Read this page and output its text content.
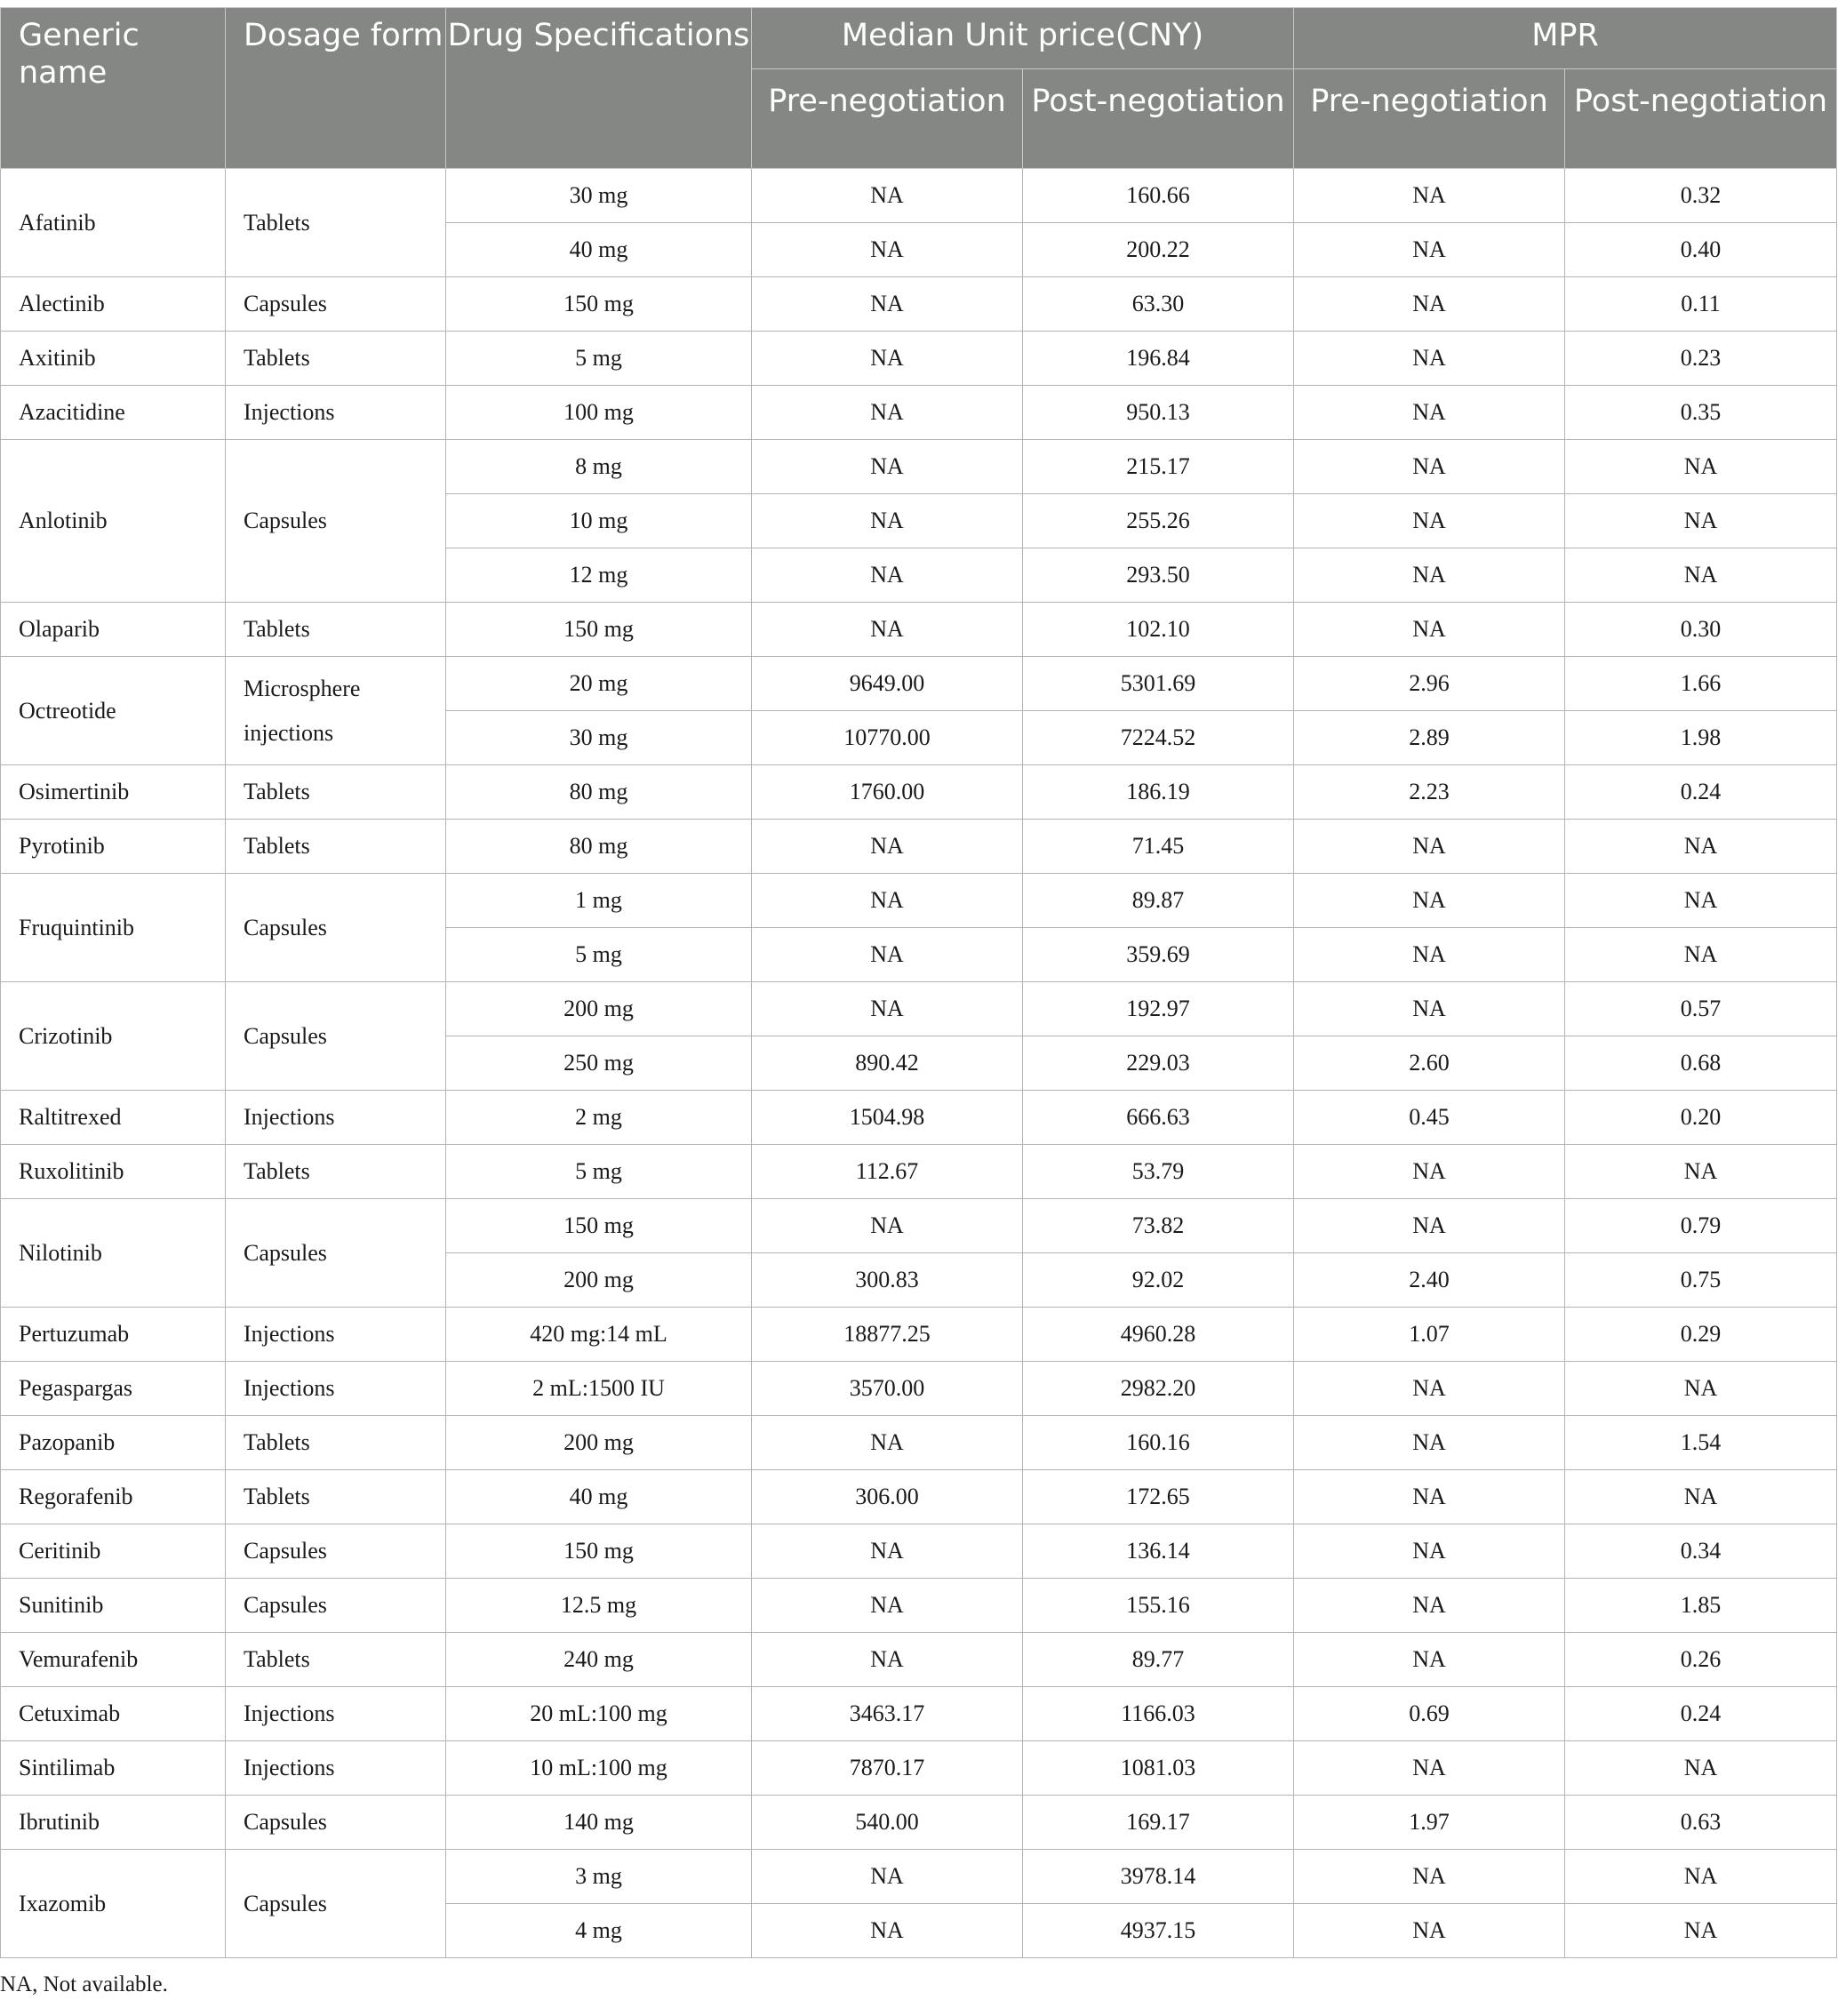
Generic name	Dosage form	Drug Specifications	Median Unit price(CNY)		MPR	

			Pre-negotiation	Post-negotiation	Pre-negotiation	Post-negotiation

Afatinib	Tablets	30 mg	NA	160.66	NA	0.32
		40 mg	NA	200.22	NA	0.40
Alectinib	Capsules	150 mg	NA	63.30	NA	0.11
Axitinib	Tablets	5 mg	NA	196.84	NA	0.23
Azacitidine	Injections	100 mg	NA	950.13	NA	0.35
Anlotinib	Capsules	8 mg	NA	215.17	NA	NA
		10 mg	NA	255.26	NA	NA
		12 mg	NA	293.50	NA	NA
Olaparib	Tablets	150 mg	NA	102.10	NA	0.30
Octreotide	Microsphere injections	20 mg	9649.00	5301.69	2.96	1.66
		30 mg	10770.00	7224.52	2.89	1.98
Osimertinib	Tablets	80 mg	1760.00	186.19	2.23	0.24
Pyrotinib	Tablets	80 mg	NA	71.45	NA	NA
Fruquintinib	Capsules	1 mg	NA	89.87	NA	NA
		5 mg	NA	359.69	NA	NA
Crizotinib	Capsules	200 mg	NA	192.97	NA	0.57
		250 mg	890.42	229.03	2.60	0.68
Raltitrexed	Injections	2 mg	1504.98	666.63	0.45	0.20
Ruxolitinib	Tablets	5 mg	112.67	53.79	NA	NA
Nilotinib	Capsules	150 mg	NA	73.82	NA	0.79
		200 mg	300.83	92.02	2.40	0.75
Pertuzumab	Injections	420 mg:14 mL	18877.25	4960.28	1.07	0.29
Pegaspargas	Injections	2 mL:1500 IU	3570.00	2982.20	NA	NA
Pazopanib	Tablets	200 mg	NA	160.16	NA	1.54
Regorafenib	Tablets	40 mg	306.00	172.65	NA	NA
Ceritinib	Capsules	150 mg	NA	136.14	NA	0.34
Sunitinib	Capsules	12.5 mg	NA	155.16	NA	1.85
Vemurafenib	Tablets	240 mg	NA	89.77	NA	0.26
Cetuximab	Injections	20 mL:100 mg	3463.17	1166.03	0.69	0.24
Sintilimab	Injections	10 mL:100 mg	7870.17	1081.03	NA	NA
Ibrutinib	Capsules	140 mg	540.00	169.17	1.97	0.63
Ixazomib	Capsules	3 mg	NA	3978.14	NA	NA
		4 mg	NA	4937.15	NA	NA
NA, Not available.
